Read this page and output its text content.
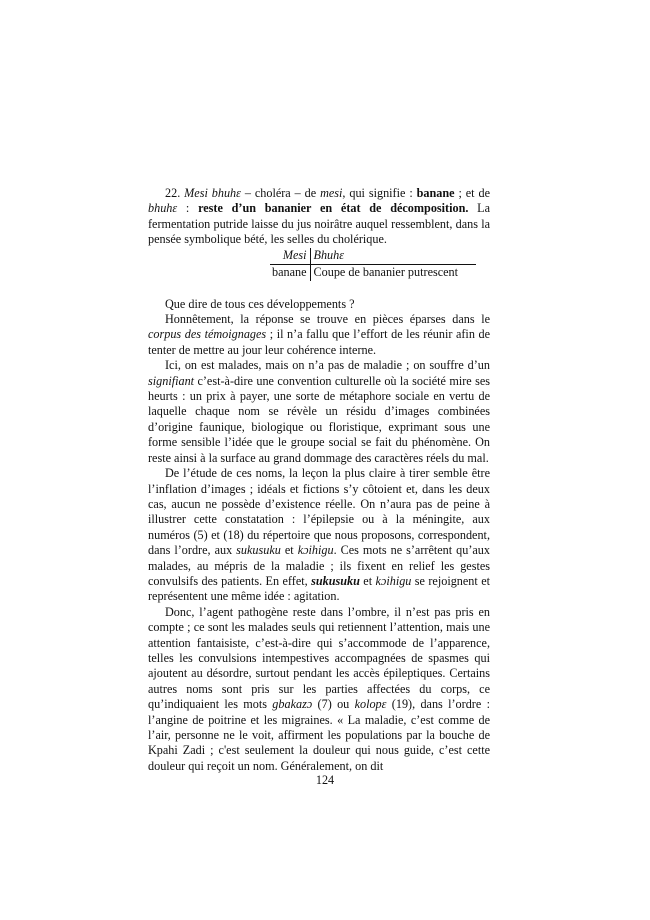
22. Mesi bhuhɛ – choléra – de mesi, qui signifie : banane ; et de bhuhɛ : reste d’un bananier en état de décomposition. La fermentation putride laisse du jus noirâtre auquel ressemblent, dans la pensée symbolique bété, les selles du cholérique.

Mesi	Bhuhɛ
banane	Coupe de bananier putrescent

Que dire de tous ces développements ?

Honnêtement, la réponse se trouve en pièces éparses dans le corpus des témoignages ; il n’a fallu que l’effort de les réunir afin de tenter de mettre au jour leur cohérence interne.

Ici, on est malades, mais on n’a pas de maladie ; on souffre d’un signifiant c’est-à-dire une convention culturelle où la société mire ses heurts : un prix à payer, une sorte de métaphore sociale en vertu de laquelle chaque nom se révèle un résidu d’images combinées d’origine faunique, biologique ou floristique, exprimant sous une forme sensible l’idée que le groupe social se fait du phénomène. On reste ainsi à la surface au grand dommage des caractères réels du mal.

De l’étude de ces noms, la leçon la plus claire à tirer semble être l’inflation d’images ; idéals et fictions s’y côtoient et, dans les deux cas, aucun ne possède d’existence réelle. On n’aura pas de peine à illustrer cette constatation : l’épilepsie ou à la méningite, aux numéros (5) et (18) du répertoire que nous proposons, correspondent, dans l’ordre, aux sukusuku et kɔihigu. Ces mots ne s’arrêtent qu’aux malades, au mépris de la maladie ; ils fixent en relief les gestes convulsifs des patients. En effet, sukusuku et kɔihigu se rejoignent et représentent une même idée : agitation.

Donc, l’agent pathogène reste dans l’ombre, il n’est pas pris en compte ; ce sont les malades seuls qui retiennent l’attention, mais une attention fantaisiste, c’est-à-dire qui s’accommode de l’apparence, telles les convulsions intempestives accompagnées de spasmes qui ajoutent au désordre, surtout pendant les accès épileptiques. Certains autres noms sont pris sur les parties affectées du corps, ce qu’indiquaient les mots gbakazɔ (7) ou kolopɛ (19), dans l’ordre : l’angine de poitrine et les migraines. « La maladie, c’est comme de l’air, personne ne le voit, affirment les populations par la bouche de Kpahi Zadi ; c'est seulement la douleur qui nous guide, c’est cette douleur qui reçoit un nom. Généralement, on dit

124
